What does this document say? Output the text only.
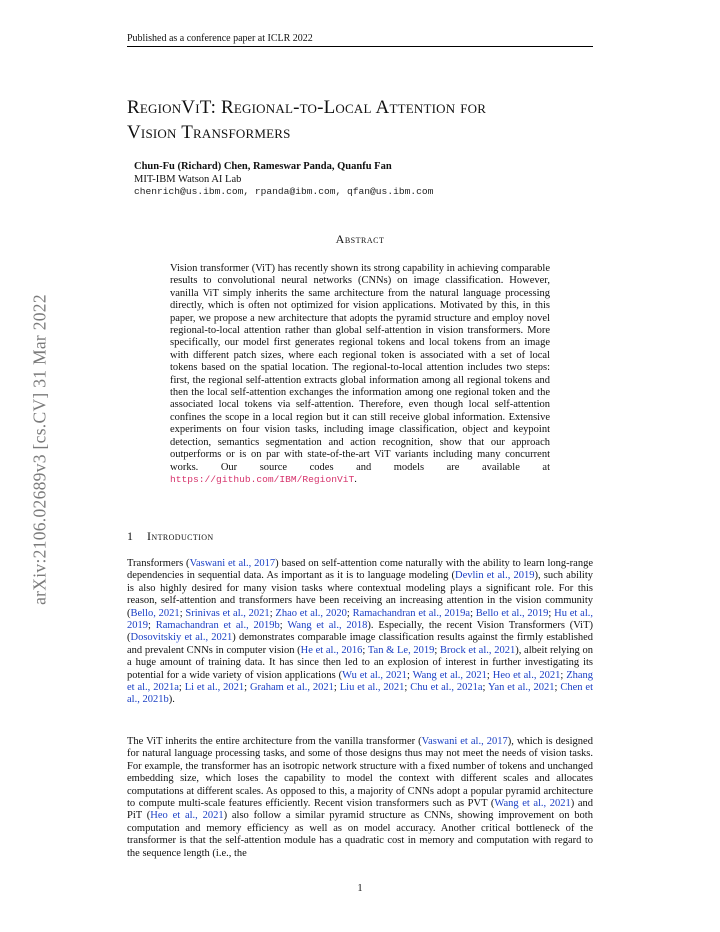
Published as a conference paper at ICLR 2022
arXiv:2106.02689v3 [cs.CV] 31 Mar 2022
RegionViT: Regional-to-Local Attention for
Vision Transformers
Chun-Fu (Richard) Chen, Rameswar Panda, Quanfu Fan
MIT-IBM Watson AI Lab
chenrich@us.ibm.com, rpanda@ibm.com, qfan@us.ibm.com
Abstract
Vision transformer (ViT) has recently shown its strong capability in achieving comparable results to convolutional neural networks (CNNs) on image classification. However, vanilla ViT simply inherits the same architecture from the natural language processing directly, which is often not optimized for vision applications. Motivated by this, in this paper, we propose a new architecture that adopts the pyramid structure and employ novel regional-to-local attention rather than global self-attention in vision transformers. More specifically, our model first generates regional tokens and local tokens from an image with different patch sizes, where each regional token is associated with a set of local tokens based on the spatial location. The regional-to-local attention includes two steps: first, the regional self-attention extracts global information among all regional tokens and then the local self-attention exchanges the information among one regional token and the associated local tokens via self-attention. Therefore, even though local self-attention confines the scope in a local region but it can still receive global information. Extensive experiments on four vision tasks, including image classification, object and keypoint detection, semantics segmentation and action recognition, show that our approach outperforms or is on par with state-of-the-art ViT variants including many concurrent works. Our source codes and models are available at https://github.com/IBM/RegionViT.
1 Introduction
Transformers (Vaswani et al., 2017) based on self-attention come naturally with the ability to learn long-range dependencies in sequential data. As important as it is to language modeling (Devlin et al., 2019), such ability is also highly desired for many vision tasks where contextual modeling plays a significant role. For this reason, self-attention and transformers have been receiving an increasing attention in the vision community (Bello, 2021; Srinivas et al., 2021; Zhao et al., 2020; Ramachandran et al., 2019a; Bello et al., 2019; Hu et al., 2019; Ramachandran et al., 2019b; Wang et al., 2018). Especially, the recent Vision Transformers (ViT) (Dosovitskiy et al., 2021) demonstrates comparable image classification results against the firmly established and prevalent CNNs in computer vision (He et al., 2016; Tan & Le, 2019; Brock et al., 2021), albeit relying on a huge amount of training data. It has since then led to an explosion of interest in further investigating its potential for a wide variety of vision applications (Wu et al., 2021; Wang et al., 2021; Heo et al., 2021; Zhang et al., 2021a; Li et al., 2021; Graham et al., 2021; Liu et al., 2021; Chu et al., 2021a; Yan et al., 2021; Chen et al., 2021b).
The ViT inherits the entire architecture from the vanilla transformer (Vaswani et al., 2017), which is designed for natural language processing tasks, and some of those designs thus may not meet the needs of vision tasks. For example, the transformer has an isotropic network structure with a fixed number of tokens and unchanged embedding size, which loses the capability to model the context with different scales and allocates computations at different scales. As opposed to this, a majority of CNNs adopt a popular pyramid architecture to compute multi-scale features efficiently. Recent vision transformers such as PVT (Wang et al., 2021) and PiT (Heo et al., 2021) also follow a similar pyramid structure as CNNs, showing improvement on both computation and memory efficiency as well as on model accuracy. Another critical bottleneck of the transformer is that the self-attention module has a quadratic cost in memory and computation with regard to the sequence length (i.e., the
1
